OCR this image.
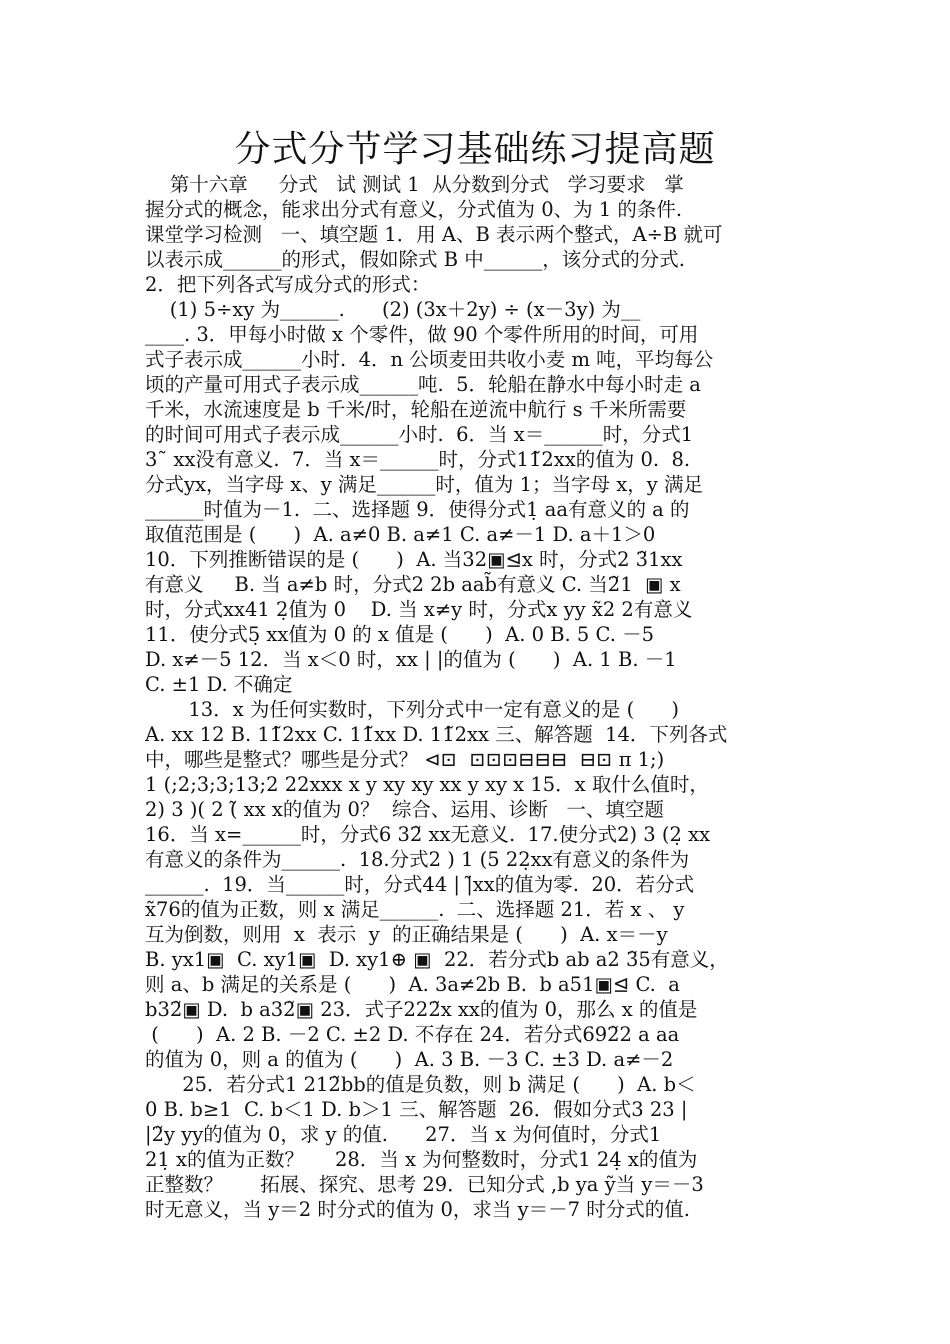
分式分节学习基础练习提高题
第十六章     分式   试 测试 1  从分数到分式   学习要求   掌
握分式的概念，能求出分式有意义，分式值为 0、为 1 的条件.
课堂学习检测   一、填空题 1．用 A、B 表示两个整式，A÷B 就可
以表示成______的形式，假如除式 B 中______，该分式的分式.
2．把下列各式写成分式的形式：
(1) 5÷xy 为______.      (2) (3x＋2y) ÷ (x－3y) 为__
____. 3．甲每小时做 x 个零件，做 90 个零件所用的时间，可用
式子表示成______小时.  4．n 公顷麦田共收小麦 m 吨，平均每公
顷的产量可用式子表示成______吨.  5．轮船在静水中每小时走 a
千米，水流速度是 b 千米/时，轮船在逆流中航行 s 千米所需要
的时间可用式子表示成______小时.  6．当 x＝______时，分式1
3˜ xx没有意义.  7．当 x＝______时，分式11̃2xx的值为 0.  8.
分式yx，当字母 x、y 满足______时，值为 1；当字母 x，y 满足
______时值为－1.  二、选择题 9．使得分式1̣ aa有意义的 a 的
取值范围是 (      )  A. a≠0 B. a≠1 C. a≠－1 D. a＋1＞0
10．下列推断错误的是 (      )  A. 当32▣⊴x 时，分式2 3̃1xx
有意义     B. 当 a≠b 时，分式2 2b aab̃有意义 C. 当2̃1  ▣ x
时，分式xx41 2̣值为 0    D. 当 x≠y 时，分式x yy x̃2 2有意义
11．使分式5̣ xx值为 0 的 x 值是 (      )  A. 0 B. 5 C. －5
D. x≠－5 12．当 x＜0 时，xx | |的值为 (      )  A. 1 B. －1
C. ±1 D. 不确定
13．x 为任何实数时，下列分式中一定有意义的是 (      )
A. xx 12 B. 11̃2xx C. 11̃xx D. 11̃2xx 三、解答题  14．下列各式
中，哪些是整式？哪些是分式？ ⊲⊡  ⊡⊡⊡⊟⊟⊟  ⊟⊡ π 1;)
1 (;2;3;3;13;2 22xxx x y xy xy xx y xy x 15．x 取什么值时，
2) 3 )( 2 (̃ xx x的值为 0？  综合、运用、诊断   一、填空题
16．当 x=______时，分式6 32̃ xx无意义.  17.使分式2) 3 (2̣ xx
有意义的条件为______.  18.分式2 ) 1 (5 22̣xx有意义的条件为
______.  19．当______时，分式44 | |̃xx的值为零.  20．若分式
x̃76的值为正数，则 x 满足______.  二、选择题 21．若 x 、 y
互为倒数，则用  x  表示  y  的正确结果是 (      )  A. x＝－y
B. yx1▣  C. xy1▣  D. xy1⊕ ▣  22．若分式b ab a2 3̃5有意义，
则 a、b 满足的关系是 (      )  A. 3a≠2b B.  b a51▣⊴ C.  a
b32̃▣ D.  b a32̃▣ 23．式子222̃x xx的值为 0，那么 x 的值是
(      )  A. 2 B. －2 C. ±2 D. 不存在 24．若分式692̃2 a aa
的值为 0，则 a 的值为 (      )  A. 3 B. －3 C. ±3 D. a≠－2
25．若分式1 212̃bb的值是负数，则 b 满足 (      )  A. b＜
0 B. b≥1  C. b＜1 D. b＞1 三、解答题  26．假如分式3 23 |
|2̃y yy的值为 0，求 y 的值.      27．当 x 为何值时，分式1
21̣ x的值为正数？     28．当 x 为何整数时，分式1 24̣ x的值为
正整数？      拓展、探究、思考 29．已知分式 ,b ya ỹ当 y＝－3
时无意义，当 y＝2 时分式的值为 0，求当 y＝－7 时分式的值.
